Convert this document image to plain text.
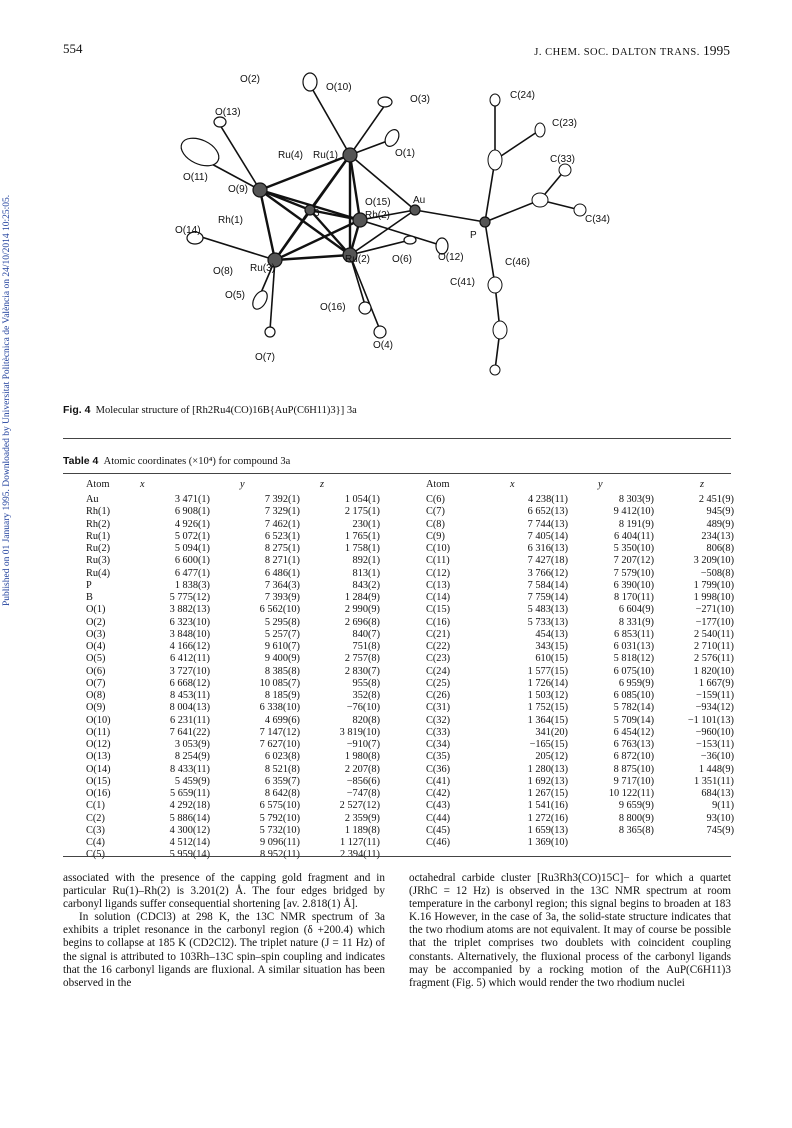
Published on 01 January 1995. Downloaded by Universitat Politècnica de València on 24/10/2014 10:25:05.
554	J. CHEM. SOC. DALTON TRANS. 1995
O(2)
O(10)
O(3)
O(13)
C(24)
C(23)
Ru(4) Ru(1)	O(1)
C(33)
O(11)
O(9)
O(15) Au
C(34)
Rh(1)
B	Rh(2)
P
O(14)
O(12)	C(46)
Ru(2) O(6)
O(8) Ru(3)
C(41)
O(5)
O(16)
O(4)
O(7)
Fig. 4 Molecular structure of [Rh2Ru4(CO)16B{AuP(C6H11)3}] 3a
Table 4 Atomic coordinates (×10⁴) for compound 3a
Atom	x	y	z
Au	3 471(1)	7 392(1)	1 054(1)
Rh(1)	6 908(1)	7 329(1)	2 175(1)
Rh(2)	4 926(1)	7 462(1)	230(1)
Ru(1)	5 072(1)	6 523(1)	1 765(1)
Ru(2)	5 094(1)	8 275(1)	1 758(1)
Ru(3)	6 600(1)	8 271(1)	892(1)
Ru(4)	6 477(1)	6 486(1)	813(1)
P	1 838(3)	7 364(3)	843(2)
B	5 775(12)	7 393(9)	1 284(9)
O(1)	3 882(13)	6 562(10)	2 990(9)
O(2)	6 323(10)	5 295(8)	2 696(8)
O(3)	3 848(10)	5 257(7)	840(7)
O(4)	4 166(12)	9 610(7)	751(8)
O(5)	6 412(11)	9 400(9)	2 757(8)
O(6)	3 727(10)	8 385(8)	2 830(7)
O(7)	6 668(12)	10 085(7)	955(8)
O(8)	8 453(11)	8 185(9)	352(8)
O(9)	8 004(13)	6 338(10)	−76(10)
O(10)	6 231(11)	4 699(6)	820(8)
O(11)	7 641(22)	7 147(12)	3 819(10)
O(12)	3 053(9)	7 627(10)	−910(7)
O(13)	8 254(9)	6 023(8)	1 980(8)
O(14)	8 433(11)	8 521(8)	2 207(8)
O(15)	5 459(9)	6 359(7)	−856(6)
O(16)	5 659(11)	8 642(8)	−747(8)
C(1)	4 292(18)	6 575(10)	2 527(12)
C(2)	5 886(14)	5 792(10)	2 359(9)
C(3)	4 300(12)	5 732(10)	1 189(8)
C(4)	4 512(14)	9 096(11)	1 127(11)
C(5)	5 959(14)	8 952(11)	2 394(11)
Atom	x	y	z
C(6)	4 238(11)	8 303(9)	2 451(9)
C(7)	6 652(13)	9 412(10)	945(9)
C(8)	7 744(13)	8 191(9)	489(9)
C(9)	7 405(14)	6 404(11)	234(13)
C(10)	6 316(13)	5 350(10)	806(8)
C(11)	7 427(18)	7 207(12)	3 209(10)
C(12)	3 766(12)	7 579(10)	−508(8)
C(13)	7 584(14)	6 390(10)	1 799(10)
C(14)	7 759(14)	8 170(11)	1 998(10)
C(15)	5 483(13)	6 604(9)	−271(10)
C(16)	5 733(13)	8 331(9)	−177(10)
C(21)	454(13)	6 853(11)	2 540(11)
C(22)	343(15)	6 031(13)	2 710(11)
C(23)	610(15)	5 818(12)	2 576(11)
C(24)	1 577(15)	6 075(10)	1 820(10)
C(25)	1 726(14)	6 959(9)	1 667(9)
C(26)	1 503(12)	6 085(10)	−159(11)
C(31)	1 752(15)	5 782(14)	−934(12)
C(32)	1 364(15)	5 709(14)	−1 101(13)
C(33)	341(20)	6 454(12)	−960(10)
C(34)	−165(15)	6 763(13)	−153(11)
C(35)	205(12)	6 872(10)	−36(10)
C(36)	1 280(13)	8 875(10)	1 448(9)
C(41)	1 692(13)	9 717(10)	1 351(11)
C(42)	1 267(15)	10 122(11)	684(13)
C(43)	1 541(16)	9 659(9)	9(11)
C(44)	1 272(16)	8 800(9)	93(10)
C(45)	1 659(13)	8 365(8)	745(9)
C(46)	1 369(10)		

associated with the presence of the capping gold fragment and in particular Ru(1)–Rh(2) is 3.201(2) Å. The four edges bridged by carbonyl ligands suffer consequential shortening [av. 2.818(1) Å].

In solution (CDCl3) at 298 K, the 13C NMR spectrum of 3a exhibits a triplet resonance in the carbonyl region (δ +200.4) which begins to collapse at 185 K (CD2Cl2). The triplet nature (J = 11 Hz) of the signal is attributed to 103Rh–13C spin–spin coupling and indicates that the 16 carbonyl ligands are fluxional. A similar situation has been observed in the

octahedral carbide cluster [Ru3Rh3(CO)15C]− for which a quartet (JRhC = 12 Hz) is observed in the 13C NMR spectrum at room temperature in the carbonyl region; this signal begins to broaden at 183 K.16 However, in the case of 3a, the solid-state structure indicates that the two rhodium atoms are not equivalent. It may of course be possible that the triplet comprises two doublets with coincident coupling constants. Alternatively, the fluxional process of the carbonyl ligands may be accompanied by a rocking motion of the AuP(C6H11)3 fragment (Fig. 5) which would render the two rhodium nuclei
